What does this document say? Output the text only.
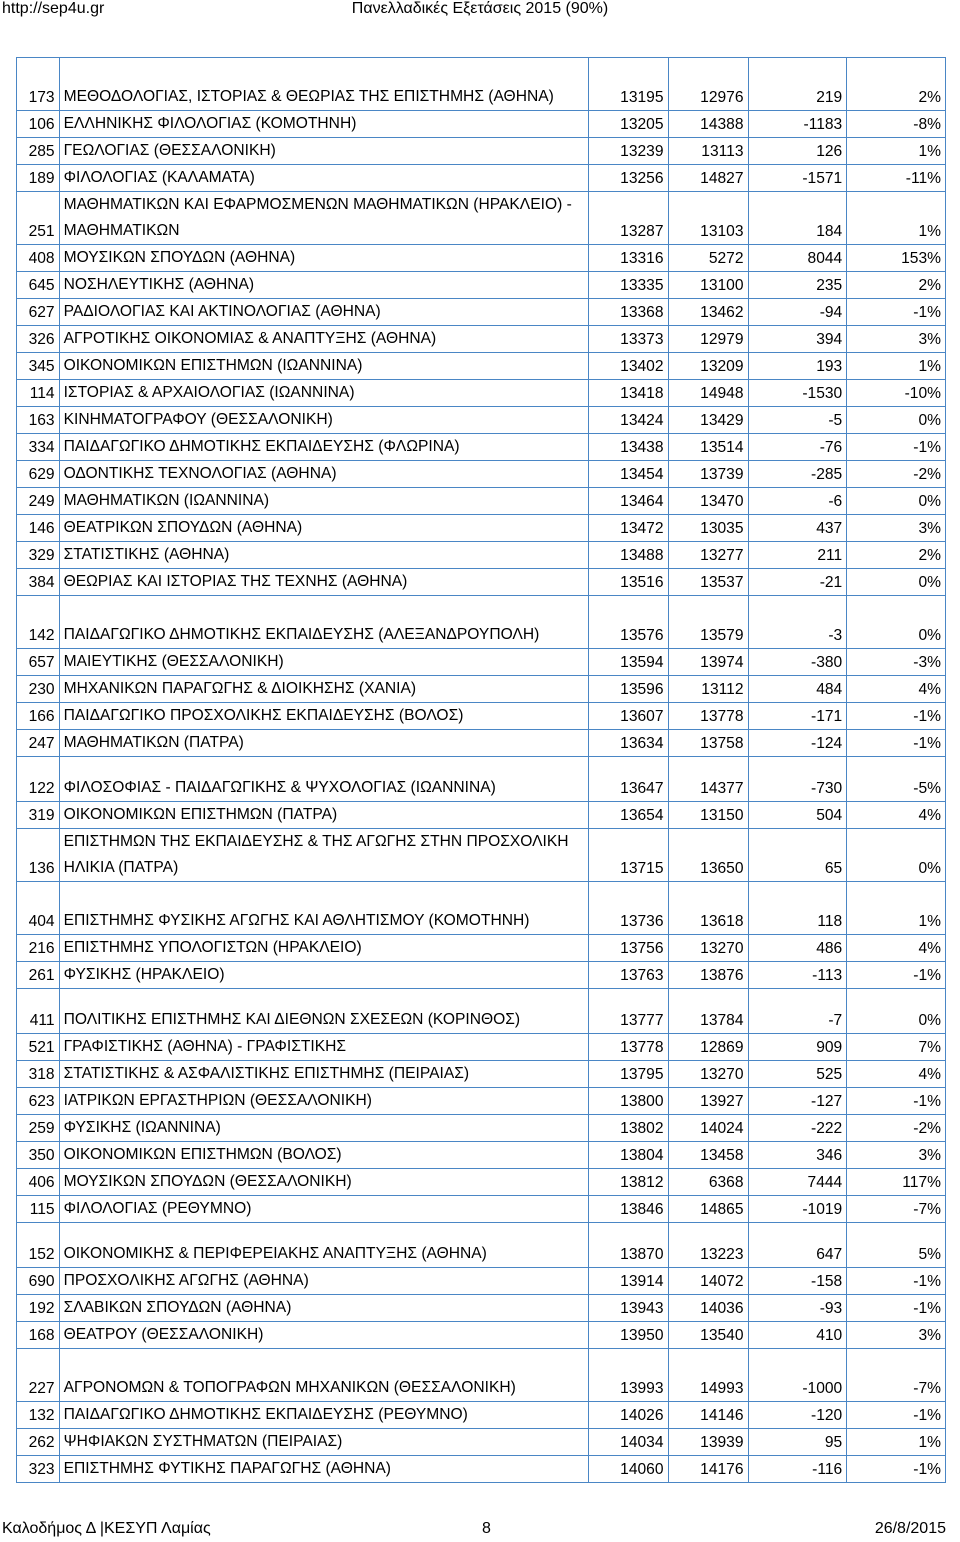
http://sep4u.gr	Πανελλαδικές Εξετάσεις 2015 (90%)
173	ΜΕΘΟΔΟΛΟΓΙΑΣ, ΙΣΤΟΡΙΑΣ & ΘΕΩΡΙΑΣ ΤΗΣ ΕΠΙΣΤΗΜΗΣ (ΑΘΗΝΑ)	13195	12976	219	2%
106	ΕΛΛΗΝΙΚΗΣ ΦΙΛΟΛΟΓΙΑΣ (ΚΟΜΟΤΗΝΗ)	13205	14388	-1183	-8%
285	ΓΕΩΛΟΓΙΑΣ (ΘΕΣΣΑΛΟΝΙΚΗ)	13239	13113	126	1%
189	ΦΙΛΟΛΟΓΙΑΣ (ΚΑΛΑΜΑΤΑ)	13256	14827	-1571	-11%
251	ΜΑΘΗΜΑΤΙΚΩΝ ΚΑΙ ΕΦΑΡΜΟΣΜΕΝΩΝ ΜΑΘΗΜΑΤΙΚΩΝ (ΗΡΑΚΛΕΙΟ) - ΜΑΘΗΜΑΤΙΚΩΝ	13287	13103	184	1%
408	ΜΟΥΣΙΚΩΝ ΣΠΟΥΔΩΝ (ΑΘΗΝΑ)	13316	5272	8044	153%
645	ΝΟΣΗΛΕΥΤΙΚΗΣ (ΑΘΗΝΑ)	13335	13100	235	2%
627	ΡΑΔΙΟΛΟΓΙΑΣ ΚΑΙ ΑΚΤΙΝΟΛΟΓΙΑΣ (ΑΘΗΝΑ)	13368	13462	-94	-1%
326	ΑΓΡΟΤΙΚΗΣ ΟΙΚΟΝΟΜΙΑΣ & ΑΝΑΠΤΥΞΗΣ (ΑΘΗΝΑ)	13373	12979	394	3%
345	ΟΙΚΟΝΟΜΙΚΩΝ ΕΠΙΣΤΗΜΩΝ (ΙΩΑΝΝΙΝΑ)	13402	13209	193	1%
114	ΙΣΤΟΡΙΑΣ & ΑΡΧΑΙΟΛΟΓΙΑΣ (ΙΩΑΝΝΙΝΑ)	13418	14948	-1530	-10%
163	ΚΙΝΗΜΑΤΟΓΡΑΦΟΥ (ΘΕΣΣΑΛΟΝΙΚΗ)	13424	13429	-5	0%
334	ΠΑΙΔΑΓΩΓΙΚΟ ΔΗΜΟΤΙΚΗΣ ΕΚΠΑΙΔΕΥΣΗΣ (ΦΛΩΡΙΝΑ)	13438	13514	-76	-1%
629	ΟΔΟΝΤΙΚΗΣ ΤΕΧΝΟΛΟΓΙΑΣ (ΑΘΗΝΑ)	13454	13739	-285	-2%
249	ΜΑΘΗΜΑΤΙΚΩΝ (ΙΩΑΝΝΙΝΑ)	13464	13470	-6	0%
146	ΘΕΑΤΡΙΚΩΝ ΣΠΟΥΔΩΝ (ΑΘΗΝΑ)	13472	13035	437	3%
329	ΣΤΑΤΙΣΤΙΚΗΣ (ΑΘΗΝΑ)	13488	13277	211	2%
384	ΘΕΩΡΙΑΣ ΚΑΙ ΙΣΤΟΡΙΑΣ ΤΗΣ ΤΕΧΝΗΣ (ΑΘΗΝΑ)	13516	13537	-21	0%
142	ΠΑΙΔΑΓΩΓΙΚΟ ΔΗΜΟΤΙΚΗΣ ΕΚΠΑΙΔΕΥΣΗΣ (ΑΛΕΞΑΝΔΡΟΥΠΟΛΗ)	13576	13579	-3	0%
657	ΜΑΙΕΥΤΙΚΗΣ (ΘΕΣΣΑΛΟΝΙΚΗ)	13594	13974	-380	-3%
230	ΜΗΧΑΝΙΚΩΝ ΠΑΡΑΓΩΓΗΣ & ΔΙΟΙΚΗΣΗΣ (ΧΑΝΙΑ)	13596	13112	484	4%
166	ΠΑΙΔΑΓΩΓΙΚΟ ΠΡΟΣΧΟΛΙΚΗΣ ΕΚΠΑΙΔΕΥΣΗΣ (ΒΟΛΟΣ)	13607	13778	-171	-1%
247	ΜΑΘΗΜΑΤΙΚΩΝ (ΠΑΤΡΑ)	13634	13758	-124	-1%
122	ΦΙΛΟΣΟΦΙΑΣ - ΠΑΙΔΑΓΩΓΙΚΗΣ & ΨΥΧΟΛΟΓΙΑΣ (ΙΩΑΝΝΙΝΑ)	13647	14377	-730	-5%
319	ΟΙΚΟΝΟΜΙΚΩΝ ΕΠΙΣΤΗΜΩΝ (ΠΑΤΡΑ)	13654	13150	504	4%
136	ΕΠΙΣΤΗΜΩΝ ΤΗΣ ΕΚΠΑΙΔΕΥΣΗΣ & ΤΗΣ ΑΓΩΓΗΣ ΣΤΗΝ ΠΡΟΣΧΟΛΙΚΗ ΗΛΙΚΙΑ (ΠΑΤΡΑ)	13715	13650	65	0%
404	ΕΠΙΣΤΗΜΗΣ ΦΥΣΙΚΗΣ ΑΓΩΓΗΣ ΚΑΙ ΑΘΛΗΤΙΣΜΟΥ (ΚΟΜΟΤΗΝΗ)	13736	13618	118	1%
216	ΕΠΙΣΤΗΜΗΣ ΥΠΟΛΟΓΙΣΤΩΝ (ΗΡΑΚΛΕΙΟ)	13756	13270	486	4%
261	ΦΥΣΙΚΗΣ (ΗΡΑΚΛΕΙΟ)	13763	13876	-113	-1%
411	ΠΟΛΙΤΙΚΗΣ ΕΠΙΣΤΗΜΗΣ ΚΑΙ ΔΙΕΘΝΩΝ ΣΧΕΣΕΩΝ (ΚΟΡΙΝΘΟΣ)	13777	13784	-7	0%
521	ΓΡΑΦΙΣΤΙΚΗΣ (ΑΘΗΝΑ) - ΓΡΑΦΙΣΤΙΚΗΣ	13778	12869	909	7%
318	ΣΤΑΤΙΣΤΙΚΗΣ & ΑΣΦΑΛΙΣΤΙΚΗΣ ΕΠΙΣΤΗΜΗΣ (ΠΕΙΡΑΙΑΣ)	13795	13270	525	4%
623	ΙΑΤΡΙΚΩΝ ΕΡΓΑΣΤΗΡΙΩΝ (ΘΕΣΣΑΛΟΝΙΚΗ)	13800	13927	-127	-1%
259	ΦΥΣΙΚΗΣ (ΙΩΑΝΝΙΝΑ)	13802	14024	-222	-2%
350	ΟΙΚΟΝΟΜΙΚΩΝ ΕΠΙΣΤΗΜΩΝ (ΒΟΛΟΣ)	13804	13458	346	3%
406	ΜΟΥΣΙΚΩΝ ΣΠΟΥΔΩΝ (ΘΕΣΣΑΛΟΝΙΚΗ)	13812	6368	7444	117%
115	ΦΙΛΟΛΟΓΙΑΣ (ΡΕΘΥΜΝΟ)	13846	14865	-1019	-7%
152	ΟΙΚΟΝΟΜΙΚΗΣ & ΠΕΡΙΦΕΡΕΙΑΚΗΣ ΑΝΑΠΤΥΞΗΣ (ΑΘΗΝΑ)	13870	13223	647	5%
690	ΠΡΟΣΧΟΛΙΚΗΣ ΑΓΩΓΗΣ (ΑΘΗΝΑ)	13914	14072	-158	-1%
192	ΣΛΑΒΙΚΩΝ ΣΠΟΥΔΩΝ (ΑΘΗΝΑ)	13943	14036	-93	-1%
168	ΘΕΑΤΡΟΥ (ΘΕΣΣΑΛΟΝΙΚΗ)	13950	13540	410	3%
227	ΑΓΡΟΝΟΜΩΝ & ΤΟΠΟΓΡΑΦΩΝ ΜΗΧΑΝΙΚΩΝ (ΘΕΣΣΑΛΟΝΙΚΗ)	13993	14993	-1000	-7%
132	ΠΑΙΔΑΓΩΓΙΚΟ ΔΗΜΟΤΙΚΗΣ ΕΚΠΑΙΔΕΥΣΗΣ (ΡΕΘΥΜΝΟ)	14026	14146	-120	-1%
262	ΨΗΦΙΑΚΩΝ ΣΥΣΤΗΜΑΤΩΝ (ΠΕΙΡΑΙΑΣ)	14034	13939	95	1%
323	ΕΠΙΣΤΗΜΗΣ ΦΥΤΙΚΗΣ ΠΑΡΑΓΩΓΗΣ (ΑΘΗΝΑ)	14060	14176	-116	-1%
Καλοδήμος Δ |ΚΕΣΥΠ Λαμίας	8	26/8/2015
